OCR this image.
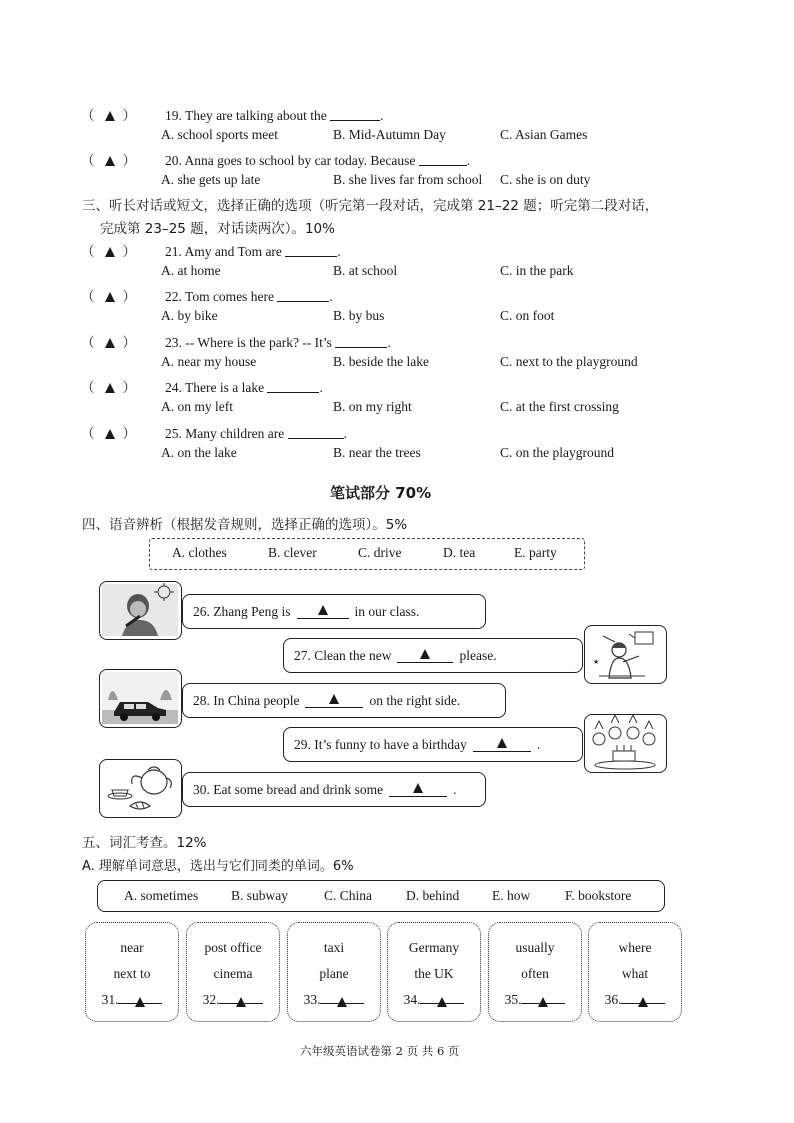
三、听长对话或短文，选择正确的选项（听完第一段对话，完成第 21–22 题；听完第二段对话，
完成第 23–25 题，对话读两次）。10%
笔试部分 70%
四、语音辨析（根据发音规则，选择正确的选项）。5%
五、词汇考查。12%
A. 理解单词意思，选出与它们同类的单词。6%
六年级英语试卷第 2 页 共 6 页
★
（ ） 19. They are talking about the	.
A. school sports meet	B. Mid-Autumn Day	C. Asian Games
（ ） 20. Anna goes to school by car today. Because	.
A. she gets up late	B. she lives far from school C. she is on duty
（ ） 21. Amy and Tom are	.
A. at home	B. at school	C. in the park
（ ） 22. Tom comes here	.
A. by bike	B. by bus	C. on foot
（ ） 23. -- Where is the park? -- It’s	.
A. near my house	B. beside the lake	C. next to the playground
（ ） 24. There is a lake	.
A. on my left	B. on my right	C. at the first crossing
（ ） 25. Many children are	.
A. on the lake	B. near the trees	C. on the playground
A. clothes	B. clever	C. drive	D. tea	E. party
26. Zhang Peng is	in our class.
27. Clean the new	please.
28. In China people	on the right side.
29. It’s funny to have a birthday	.
30. Eat some bread and drink some	.
A. sometimes B. subway	C. China	D. behind E. how	F. bookstore
near
next to
31.
post office
cinema
32.
taxi
plane
33.
Germany
the UK
34.
usually
often
35.
where
what
36.
